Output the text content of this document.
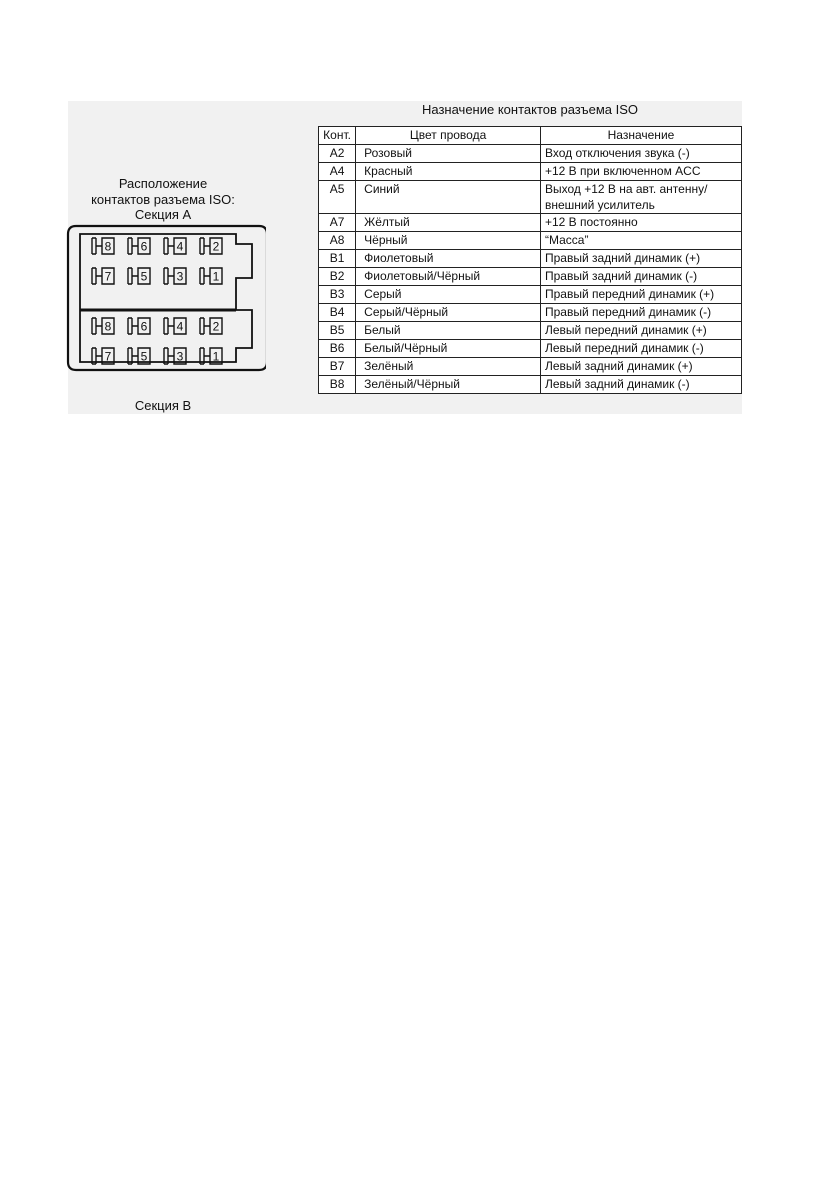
Назначение контактов разъема ISO
Расположение
контактов разъема ISO:
Секция А
Секция В
8
7
6
5
4
3
2
1
8
7
6
5
4
3
2
1
Конт.	Цвет провода	Назначение
A2	Розовый	Вход отключения звука (-)
A4	Красный	+12 В при включенном ACC
A5	Синий	Выход +12 В на авт. антенну/ внешний усилитель
A7	Жёлтый	+12 В постоянно
A8	Чёрный	“Масса”
B1	Фиолетовый	Правый задний динамик (+)
B2	Фиолетовый/Чёрный	Правый задний динамик (-)
B3	Серый	Правый передний динамик (+)
B4	Серый/Чёрный	Правый передний динамик (-)
B5	Белый	Левый передний динамик (+)
B6	Белый/Чёрный	Левый передний динамик (-)
B7	Зелёный	Левый задний динамик (+)
B8	Зелёный/Чёрный	Левый задний динамик (-)
